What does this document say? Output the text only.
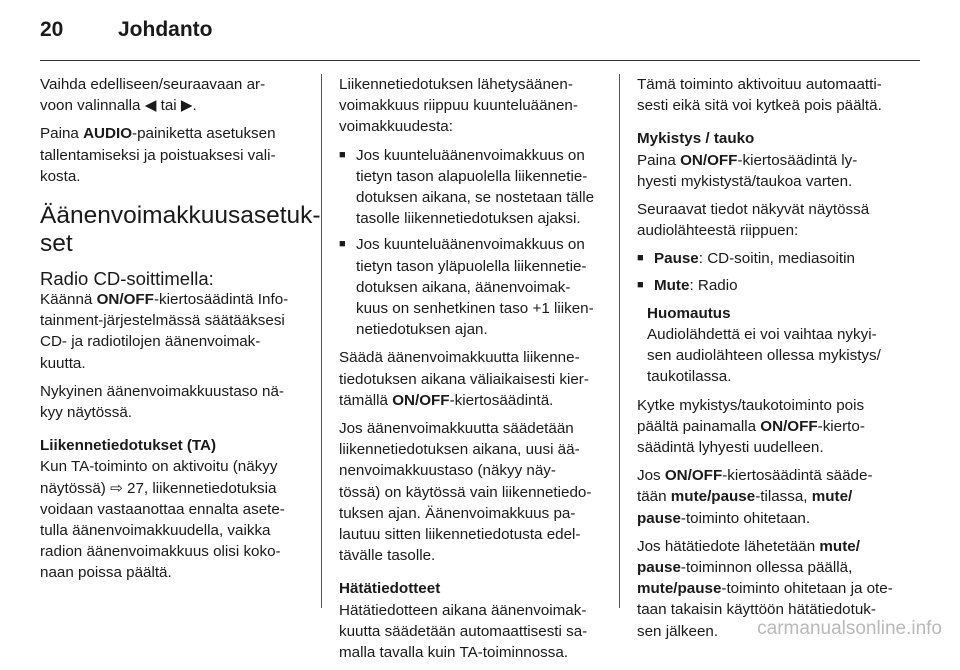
20	Johdanto

Vaihda edelliseen/seuraavaan ar-
voon valinnalla ◀ tai ▶.

Paina AUDIO-painiketta asetuksen
tallentamiseksi ja poistuaksesi vali-
kosta.

Äänenvoimakkuusasetuk-
set
Radio CD-soittimella:

Käännä ON/OFF-kiertosäädintä Info-
tainment-järjestelmässä säätääksesi
CD- ja radiotilojen äänenvoimak-
kuutta.

Nykyinen äänenvoimakkuustaso nä-
kyy näytössä.

Liikennetiedotukset (TA)

Kun TA-toiminto on aktivoitu (näkyy
näytössä) ⇨ 27, liikennetiedotuksia
voidaan vastaanottaa ennalta asete-
tulla äänenvoimakkuudella, vaikka
radion äänenvoimakkuus olisi koko-
naan poissa päältä.

Liikennetiedotuksen lähetysäänen-
voimakkuus riippuu kuunteluäänen-
voimakkuudesta:

■ Jos kuunteluäänenvoimakkuus on
tietyn tason alapuolella liikennetie-
dotuksen aikana, se nostetaan tälle
tasolle liikennetiedotuksen ajaksi.
■ Jos kuunteluäänenvoimakkuus on
tietyn tason yläpuolella liikennetie-
dotuksen aikana, äänenvoimak-
kuus on senhetkinen taso +1 liiken-
netiedotuksen ajan.

Säädä äänenvoimakkuutta liikenne-
tiedotuksen aikana väliaikaisesti kier-
tämällä ON/OFF-kiertosäädintä.

Jos äänenvoimakkuutta säädetään
liikennetiedotuksen aikana, uusi ää-
nenvoimakkuustaso (näkyy näy-
tössä) on käytössä vain liikennetiedo-
tuksen ajan. Äänenvoimakkuus pa-
lautuu sitten liikennetiedotusta edel-
tävälle tasolle.

Hätätiedotteet

Hätätiedotteen aikana äänenvoimak-
kuutta säädetään automaattisesti sa-
malla tavalla kuin TA-toiminnossa.

Tämä toiminto aktivoituu automaatti-
sesti eikä sitä voi kytkeä pois päältä.

Mykistys / tauko

Paina ON/OFF-kiertosäädintä ly-
hyesti mykistystä/taukoa varten.

Seuraavat tiedot näkyvät näytössä
audiolähteestä riippuen:

■ Pause: CD-soitin, mediasoitin
■ Mute: Radio
Huomautus
Audiolähdettä ei voi vaihtaa nykyi-
sen audiolähteen ollessa mykistys/
taukotilassa.

Kytke mykistys/taukotoiminto pois
päältä painamalla ON/OFF-kierto-
säädintä lyhyesti uudelleen.

Jos ON/OFF-kiertosäädintä sääde-
tään mute/pause-tilassa, mute/
pause-toiminto ohitetaan.

Jos hätätiedote lähetetään mute/
pause-toiminnon ollessa päällä,
mute/pause-toiminto ohitetaan ja ote-
taan takaisin käyttöön hätätiedotuk-
sen jälkeen.	carmanualsonline.info
